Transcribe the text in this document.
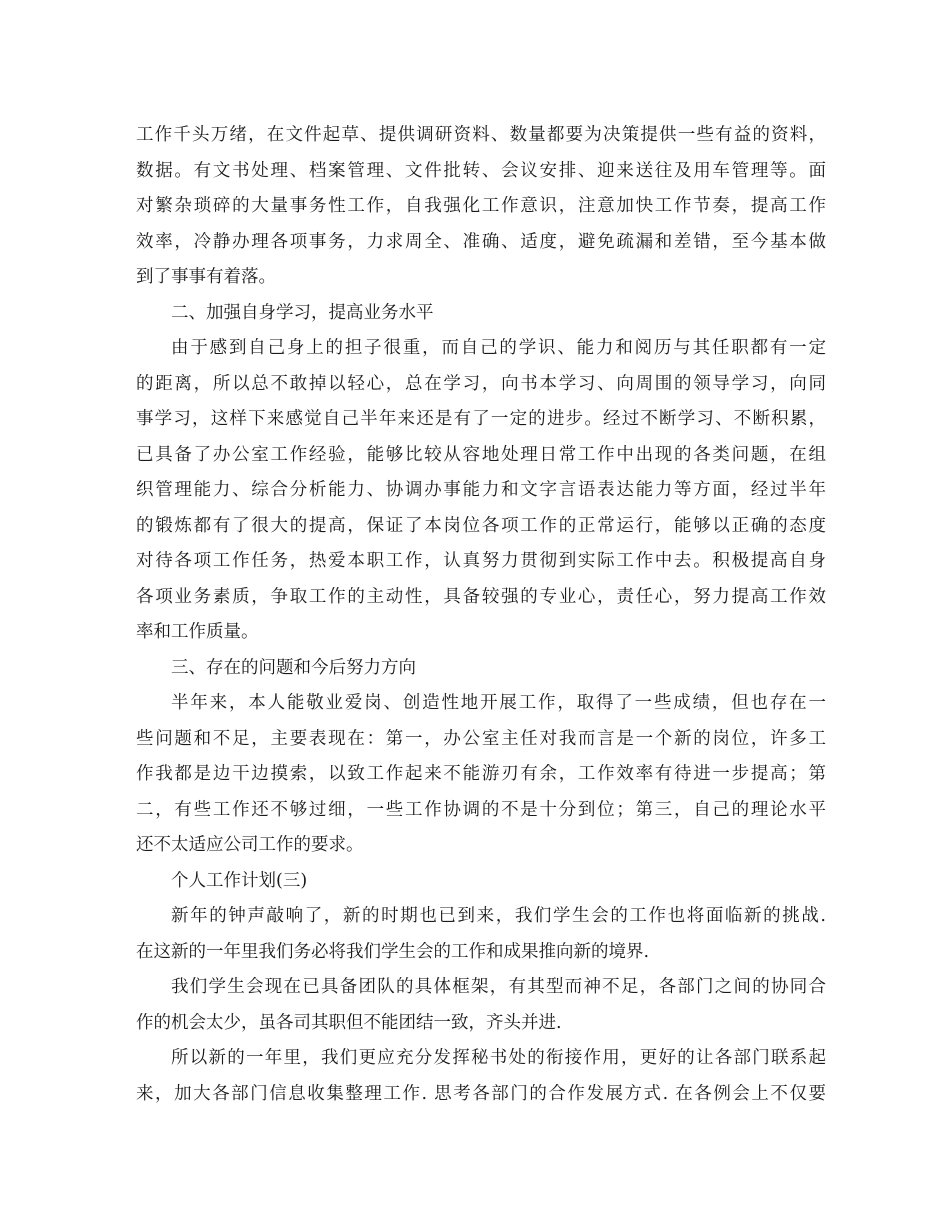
工作千头万绪，在文件起草、提供调研资料、数量都要为决策提供一些有益的资料，
数据。有文书处理、档案管理、文件批转、会议安排、迎来送往及用车管理等。面
对繁杂琐碎的大量事务性工作，自我强化工作意识，注意加快工作节奏，提高工作
效率，冷静办理各项事务，力求周全、准确、适度，避免疏漏和差错，至今基本做
到了事事有着落。
二、加强自身学习，提高业务水平
由于感到自己身上的担子很重，而自己的学识、能力和阅历与其任职都有一定
的距离，所以总不敢掉以轻心，总在学习，向书本学习、向周围的领导学习，向同
事学习，这样下来感觉自己半年来还是有了一定的进步。经过不断学习、不断积累，
已具备了办公室工作经验，能够比较从容地处理日常工作中出现的各类问题，在组
织管理能力、综合分析能力、协调办事能力和文字言语表达能力等方面，经过半年
的锻炼都有了很大的提高，保证了本岗位各项工作的正常运行，能够以正确的态度
对待各项工作任务，热爱本职工作，认真努力贯彻到实际工作中去。积极提高自身
各项业务素质，争取工作的主动性，具备较强的专业心，责任心，努力提高工作效
率和工作质量。
三、存在的问题和今后努力方向
半年来，本人能敬业爱岗、创造性地开展工作，取得了一些成绩，但也存在一
些问题和不足，主要表现在：第一，办公室主任对我而言是一个新的岗位，许多工
作我都是边干边摸索，以致工作起来不能游刃有余，工作效率有待进一步提高；第
二，有些工作还不够过细，一些工作协调的不是十分到位；第三，自己的理论水平
还不太适应公司工作的要求。
个人工作计划(三)
新年的钟声敲响了，新的时期也已到来，我们学生会的工作也将面临新的挑战.
在这新的一年里我们务必将我们学生会的工作和成果推向新的境界.
我们学生会现在已具备团队的具体框架，有其型而神不足，各部门之间的协同合
作的机会太少，虽各司其职但不能团结一致，齐头并进.
所以新的一年里，我们更应充分发挥秘书处的衔接作用，更好的让各部门联系起
来，加大各部门信息收集整理工作. 思考各部门的合作发展方式. 在各例会上不仅要
